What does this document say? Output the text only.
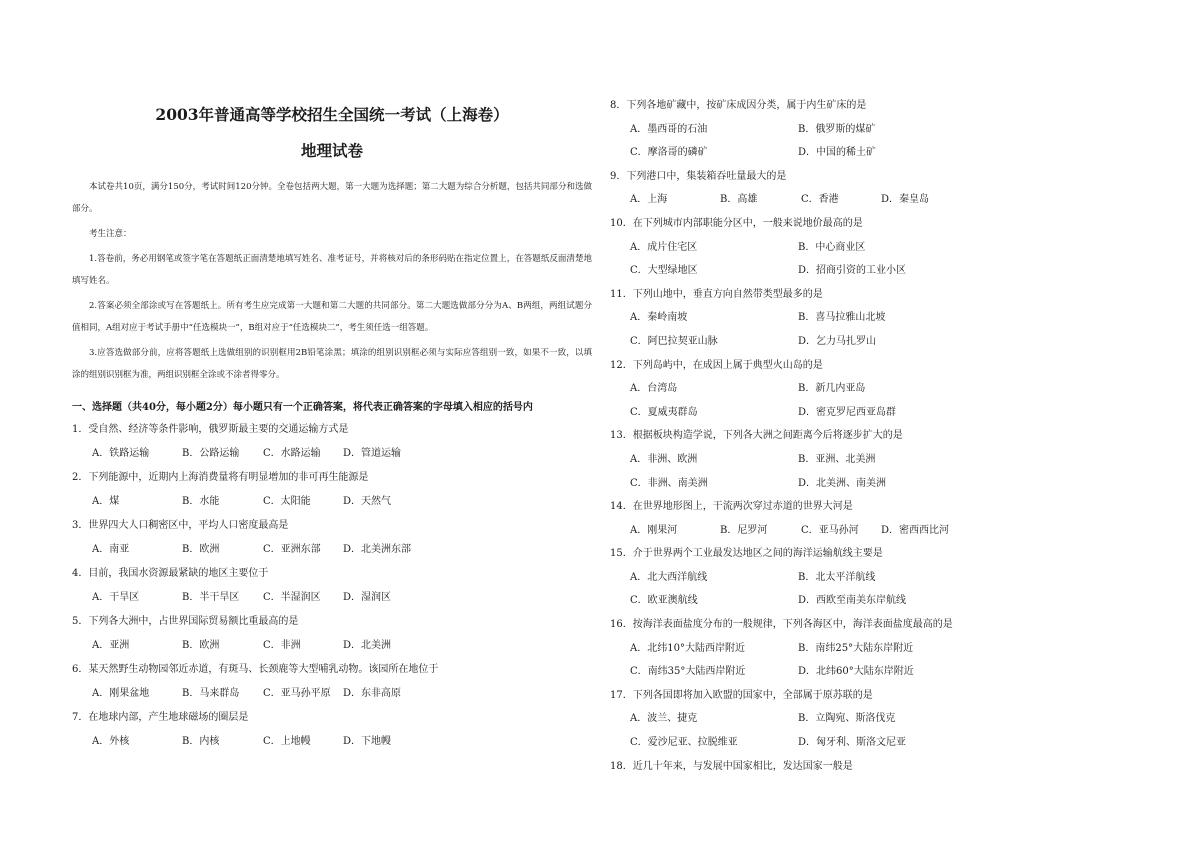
2003年普通高等学校招生全国统一考试（上海卷）
地理试卷

本试卷共10页，满分150分，考试时间120分钟。全卷包括两大题，第一大题为选择题；第二大题为综合分析题，包括共同部分和选做部分。

考生注意：

1.答卷前，务必用钢笔或签字笔在答题纸正面清楚地填写姓名、准考证号，并将核对后的条形码贴在指定位置上，在答题纸反面清楚地填写姓名。

2.答案必须全部涂或写在答题纸上。所有考生应完成第一大题和第二大题的共同部分。第二大题选做部分分为A、B两组，两组试题分值相同，A组对应于考试手册中“任选模块一”，B组对应于“任选模块二”，考生须任选一组答题。

3.应答选做部分前，应将答题纸上选做组别的识别框用2B铅笔涂黑；填涂的组别识别框必须与实际应答组别一致，如果不一致，以填涂的组别识别框为准，两组识别框全涂或不涂者得零分。

一、选择题（共40分，每小题2分）每小题只有一个正确答案，将代表正确答案的字母填入相应的括号内
1．受自然、经济等条件影响，俄罗斯最主要的交通运输方式是
A．铁路运输	B．公路运输 C．水路运输 D．管道运输
2．下列能源中，近期内上海消费量将有明显增加的非可再生能源是
A．煤	B．水能	C．太阳能	D．天然气
3．世界四大人口稠密区中，平均人口密度最高是
A．南亚	B．欧洲	C．亚洲东部 D．北美洲东部
4．目前，我国水资源最紧缺的地区主要位于
A．干旱区	B．半干旱区 C．半湿润区 D．湿润区
5．下列各大洲中，占世界国际贸易额比重最高的是
A．亚洲	B．欧洲	C．非洲	D．北美洲
6．某天然野生动物园邻近赤道，有斑马、长颈鹿等大型哺乳动物。该园所在地位于
A．刚果盆地	B．马来群岛 C．亚马孙平原 D．东非高原
7．在地球内部，产生地球磁场的圈层是
A．外核	B．内核	C．上地幔	D．下地幔
8．下列各地矿藏中，按矿床成因分类，属于内生矿床的是
A．墨西哥的石油	B．俄罗斯的煤矿
C．摩洛哥的磷矿	D．中国的稀土矿
9．下列港口中，集装箱吞吐量最大的是
A．上海	B．高雄	C．香港	D．秦皇岛
10．在下列城市内部职能分区中，一般来说地价最高的是
A．成片住宅区	B．中心商业区
C．大型绿地区	D．招商引资的工业小区
11．下列山地中，垂直方向自然带类型最多的是
A．秦岭南坡	B．喜马拉雅山北坡
C．阿巴拉契亚山脉	D．乞力马扎罗山
12．下列岛屿中，在成因上属于典型火山岛的是
A．台湾岛	B．新几内亚岛
C．夏威夷群岛	D．密克罗尼西亚岛群
13．根据板块构造学说，下列各大洲之间距离今后将逐步扩大的是
A．非洲、欧洲	B．亚洲、北美洲
C．非洲、南美洲	D．北美洲、南美洲
14．在世界地形图上，干流两次穿过赤道的世界大河是
A．刚果河	B．尼罗河	C．亚马孙河 D．密西西比河
15．介于世界两个工业最发达地区之间的海洋运输航线主要是
A．北大西洋航线	B．北太平洋航线
C．欧亚澳航线	D．西欧至南美东岸航线
16．按海洋表面盐度分布的一般规律，下列各海区中，海洋表面盐度最高的是
A．北纬10°大陆西岸附近	B．南纬25°大陆东岸附近
C．南纬35°大陆西岸附近	D．北纬60°大陆东岸附近
17．下列各国即将加入欧盟的国家中，全部属于原苏联的是
A．波兰、捷克	B．立陶宛、斯洛伐克
C．爱沙尼亚、拉脱维亚	D．匈牙利、斯洛文尼亚
18．近几十年来，与发展中国家相比，发达国家一般是
